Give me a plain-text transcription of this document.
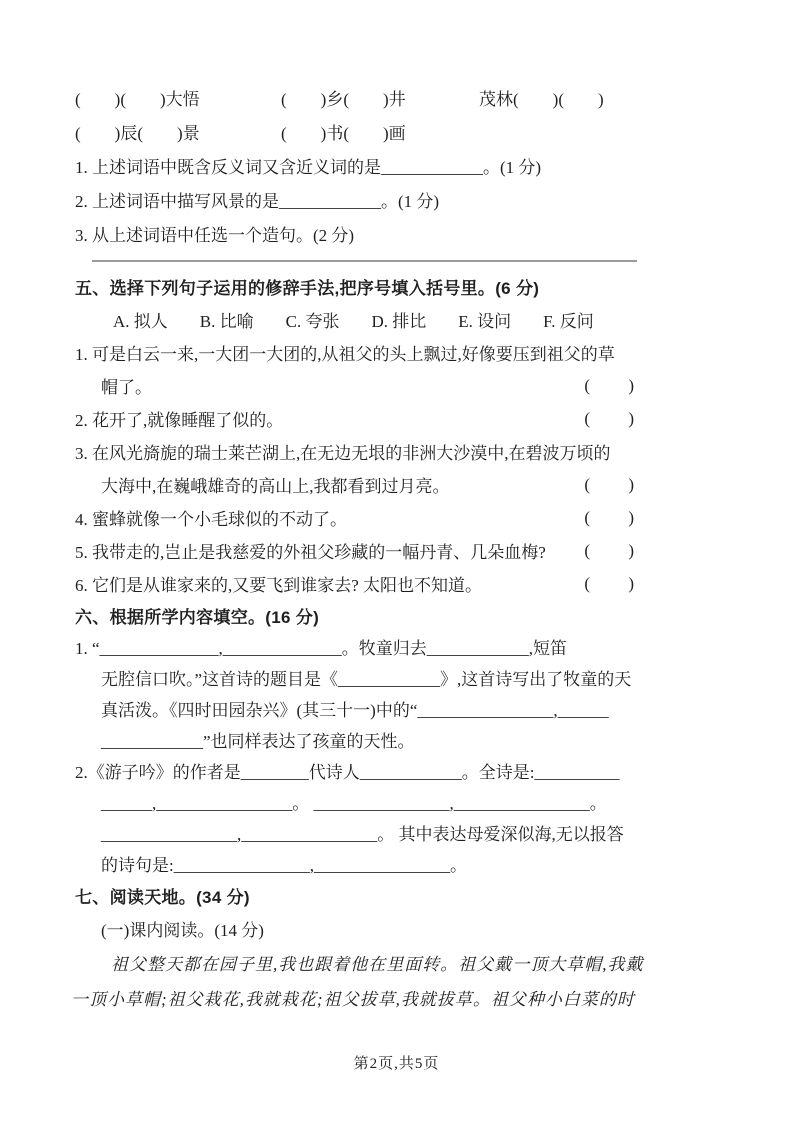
(        )(        )大悟	(        )乡(        )井	茂林(        )(        )
(        )辰(        )景	(        )书(        )画
1. 上述词语中既含反义词又含近义词的是____________。(1 分)
2. 上述词语中描写风景的是____________。(1 分)
3. 从上述词语中任选一个造句。(2 分)
五、选择下列句子运用的修辞手法,把序号填入括号里。(6 分)
A. 拟人 B. 比喻 C. 夸张 D. 排比 E. 设问 F. 反问
1. 可是白云一来,一大团一大团的,从祖父的头上飘过,好像要压到祖父的草
帽了。	(         )
2. 花开了,就像睡醒了似的。	(         )
3. 在风光旖旎的瑞士莱芒湖上,在无边无垠的非洲大沙漠中,在碧波万顷的
大海中,在巍峨雄奇的高山上,我都看到过月亮。	(         )
4. 蜜蜂就像一个小毛球似的不动了。	(         )
5. 我带走的,岂止是我慈爱的外祖父珍藏的一幅丹青、几朵血梅? (         )
6. 它们是从谁家来的,又要飞到谁家去? 太阳也不知道。	(         )
六、根据所学内容填空。(16 分)
1. “______________,______________。牧童归去____________,短笛
无腔信口吹。”这首诗的题目是《____________》,这首诗写出了牧童的天
真活泼。《四时田园杂兴》(其三十一)中的“________________,______
____________”也同样表达了孩童的天性。
2.《游子吟》的作者是________代诗人____________。全诗是:__________
______,________________。 ________________,________________。
________________,________________。 其中表达母爱深似海,无以报答
的诗句是:________________,________________。
七、阅读天地。(34 分)
(一)课内阅读。(14 分)
祖父整天都在园子里,我也跟着他在里面转。祖父戴一顶大草帽,我戴
一顶小草帽;祖父栽花,我就栽花;祖父拔草,我就拔草。祖父种小白菜的时
第2页,共5页
